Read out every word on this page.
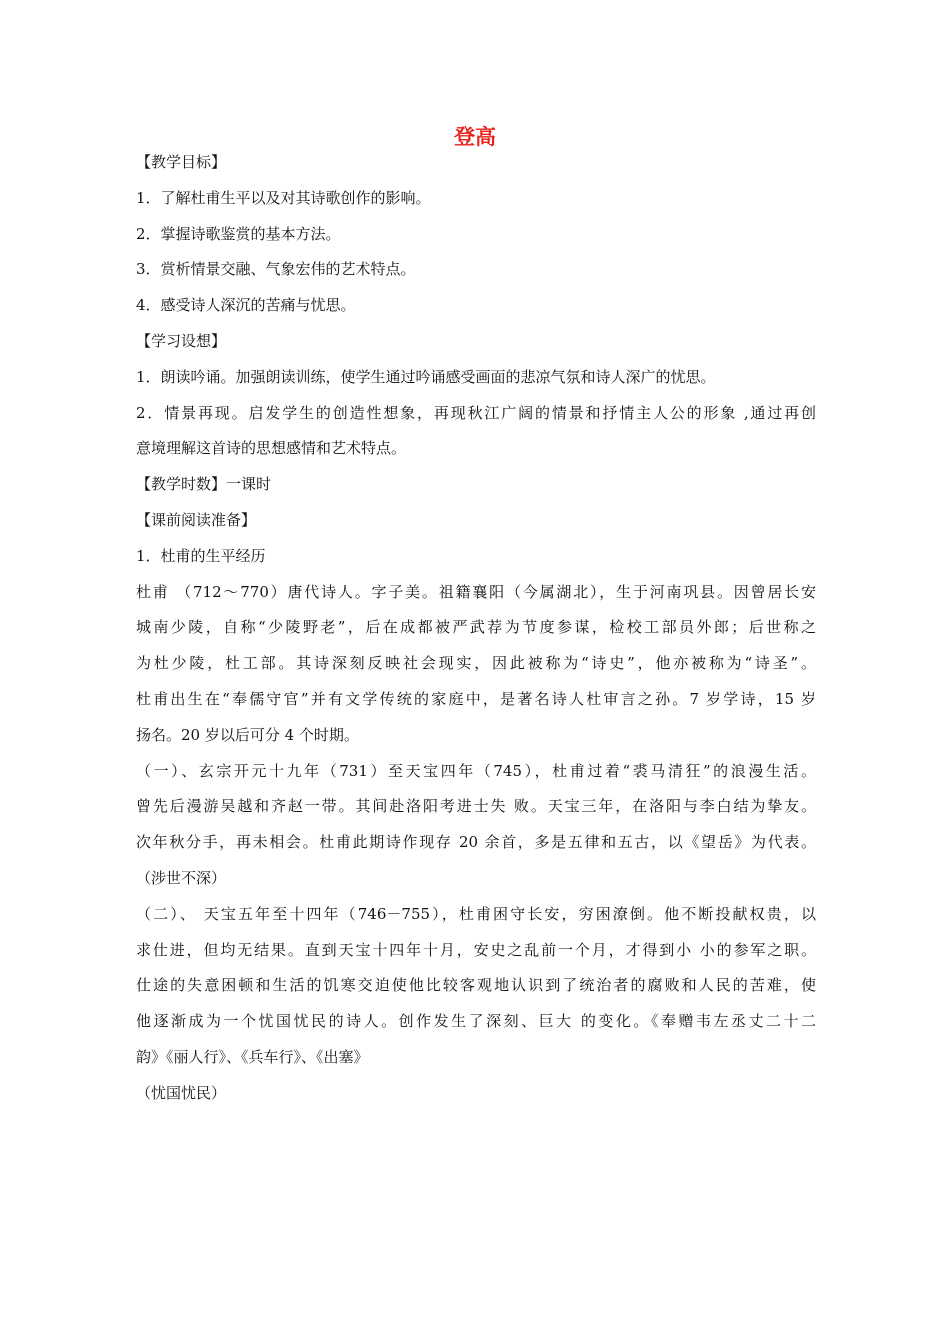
登高
【教学目标】
1．了解杜甫生平以及对其诗歌创作的影响。
2．掌握诗歌鉴赏的基本方法。
3．赏析情景交融、气象宏伟的艺术特点。
4．感受诗人深沉的苦痛与忧思。
【学习设想】
1．朗读吟诵。加强朗读训练，使学生通过吟诵感受画面的悲凉气氛和诗人深广的忧思。
2．情景再现。启发学生的创造性想象，再现秋江广阔的情景和抒情主人公的形象 ,通过再创
意境理解这首诗的思想感情和艺术特点。
【教学时数】一课时
【课前阅读准备】
1．杜甫的生平经历
杜甫 （712～770）唐代诗人。字子美。祖籍襄阳（今属湖北），生于河南巩县。因曾居长安
城南少陵，自称“少陵野老”，后在成都被严武荐为节度参谋，检校工部员外郎；后世称之
为杜少陵，杜工部。其诗深刻反映社会现实，因此被称为“诗史”，他亦被称为“诗圣”。
杜甫出生在“奉儒守官”并有文学传统的家庭中，是著名诗人杜审言之孙。7 岁学诗，15 岁
扬名。20 岁以后可分 4 个时期。
（一）、玄宗开元十九年（731）至天宝四年（745），杜甫过着“裘马清狂”的浪漫生活。
曾先后漫游吴越和齐赵一带。其间赴洛阳考进士失 败。天宝三年，在洛阳与李白结为挚友。
次年秋分手，再未相会。杜甫此期诗作现存 20 余首，多是五律和五古，以《望岳》为代表。
（涉世不深）
（二）、 天宝五年至十四年（746－755），杜甫困守长安，穷困潦倒。他不断投献权贵，以
求仕进，但均无结果。直到天宝十四年十月，安史之乱前一个月，才得到小 小的参军之职。
仕途的失意困顿和生活的饥寒交迫使他比较客观地认识到了统治者的腐败和人民的苦难，使
他逐渐成为一个忧国忧民的诗人。创作发生了深刻、巨大 的变化。《奉赠韦左丞丈二十二
韵》《丽人行》、《兵车行》、《出塞》
（忧国忧民）
